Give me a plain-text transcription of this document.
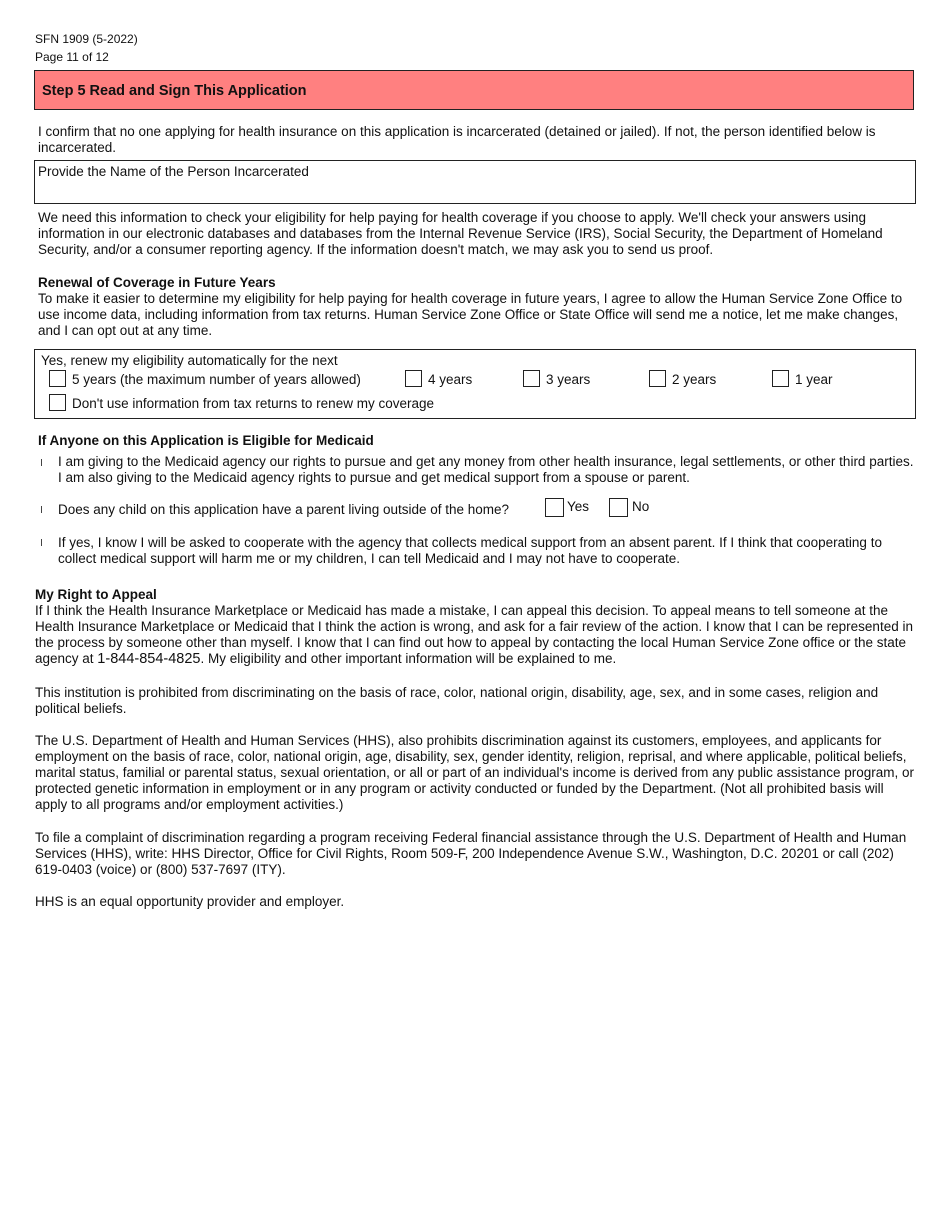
SFN 1909 (5-2022)
Page 11 of 12
Step 5 Read and Sign This Application
I confirm that no one applying for health insurance on this application is incarcerated (detained or jailed). If not, the person identified below is incarcerated.
Provide the Name of the Person Incarcerated
We need this information to check your eligibility for help paying for health coverage if you choose to apply. We'll check your answers using information in our electronic databases and databases from the Internal Revenue Service (IRS), Social Security, the Department of Homeland Security, and/or a consumer reporting agency. If the information doesn't match, we may ask you to send us proof.
Renewal of Coverage in Future Years
To make it easier to determine my eligibility for help paying for health coverage in future years, I agree to allow the Human Service Zone Office to use income data, including information from tax returns. Human Service Zone Office or State Office will send me a notice, let me make changes, and I can opt out at any time.
Yes, renew my eligibility automatically for the next
5 years (the maximum number of years allowed)	4 years	3 years	2 years	1 year
Don't use information from tax returns to renew my coverage
If Anyone on this Application is Eligible for Medicaid
I am giving to the Medicaid agency our rights to pursue and get any money from other health insurance, legal settlements, or other third parties. I am also giving to the Medicaid agency rights to pursue and get medical support from a spouse or parent.
Does any child on this application have a parent living outside of the home?	Yes	No
If yes, I know I will be asked to cooperate with the agency that collects medical support from an absent parent. If I think that cooperating to collect medical support will harm me or my children, I can tell Medicaid and I may not have to cooperate.
My Right to Appeal
If I think the Health Insurance Marketplace or Medicaid has made a mistake, I can appeal this decision. To appeal means to tell someone at the Health Insurance Marketplace or Medicaid that I think the action is wrong, and ask for a fair review of the action. I know that I can be represented in the process by someone other than myself. I know that I can find out how to appeal by contacting the local Human Service Zone office or the state agency at 1-844-854-4825. My eligibility and other important information will be explained to me.
This institution is prohibited from discriminating on the basis of race, color, national origin, disability, age, sex, and in some cases, religion and political beliefs.
The U.S. Department of Health and Human Services (HHS), also prohibits discrimination against its customers, employees, and applicants for employment on the basis of race, color, national origin, age, disability, sex, gender identity, religion, reprisal, and where applicable, political beliefs, marital status, familial or parental status, sexual orientation, or all or part of an individual's income is derived from any public assistance program, or protected genetic information in employment or in any program or activity conducted or funded by the Department. (Not all prohibited basis will apply to all programs and/or employment activities.)
To file a complaint of discrimination regarding a program receiving Federal financial assistance through the U.S. Department of Health and Human Services (HHS), write: HHS Director, Office for Civil Rights, Room 509-F, 200 Independence Avenue S.W., Washington, D.C. 20201 or call (202) 619-0403 (voice) or (800) 537-7697 (ITY).
HHS is an equal opportunity provider and employer.
